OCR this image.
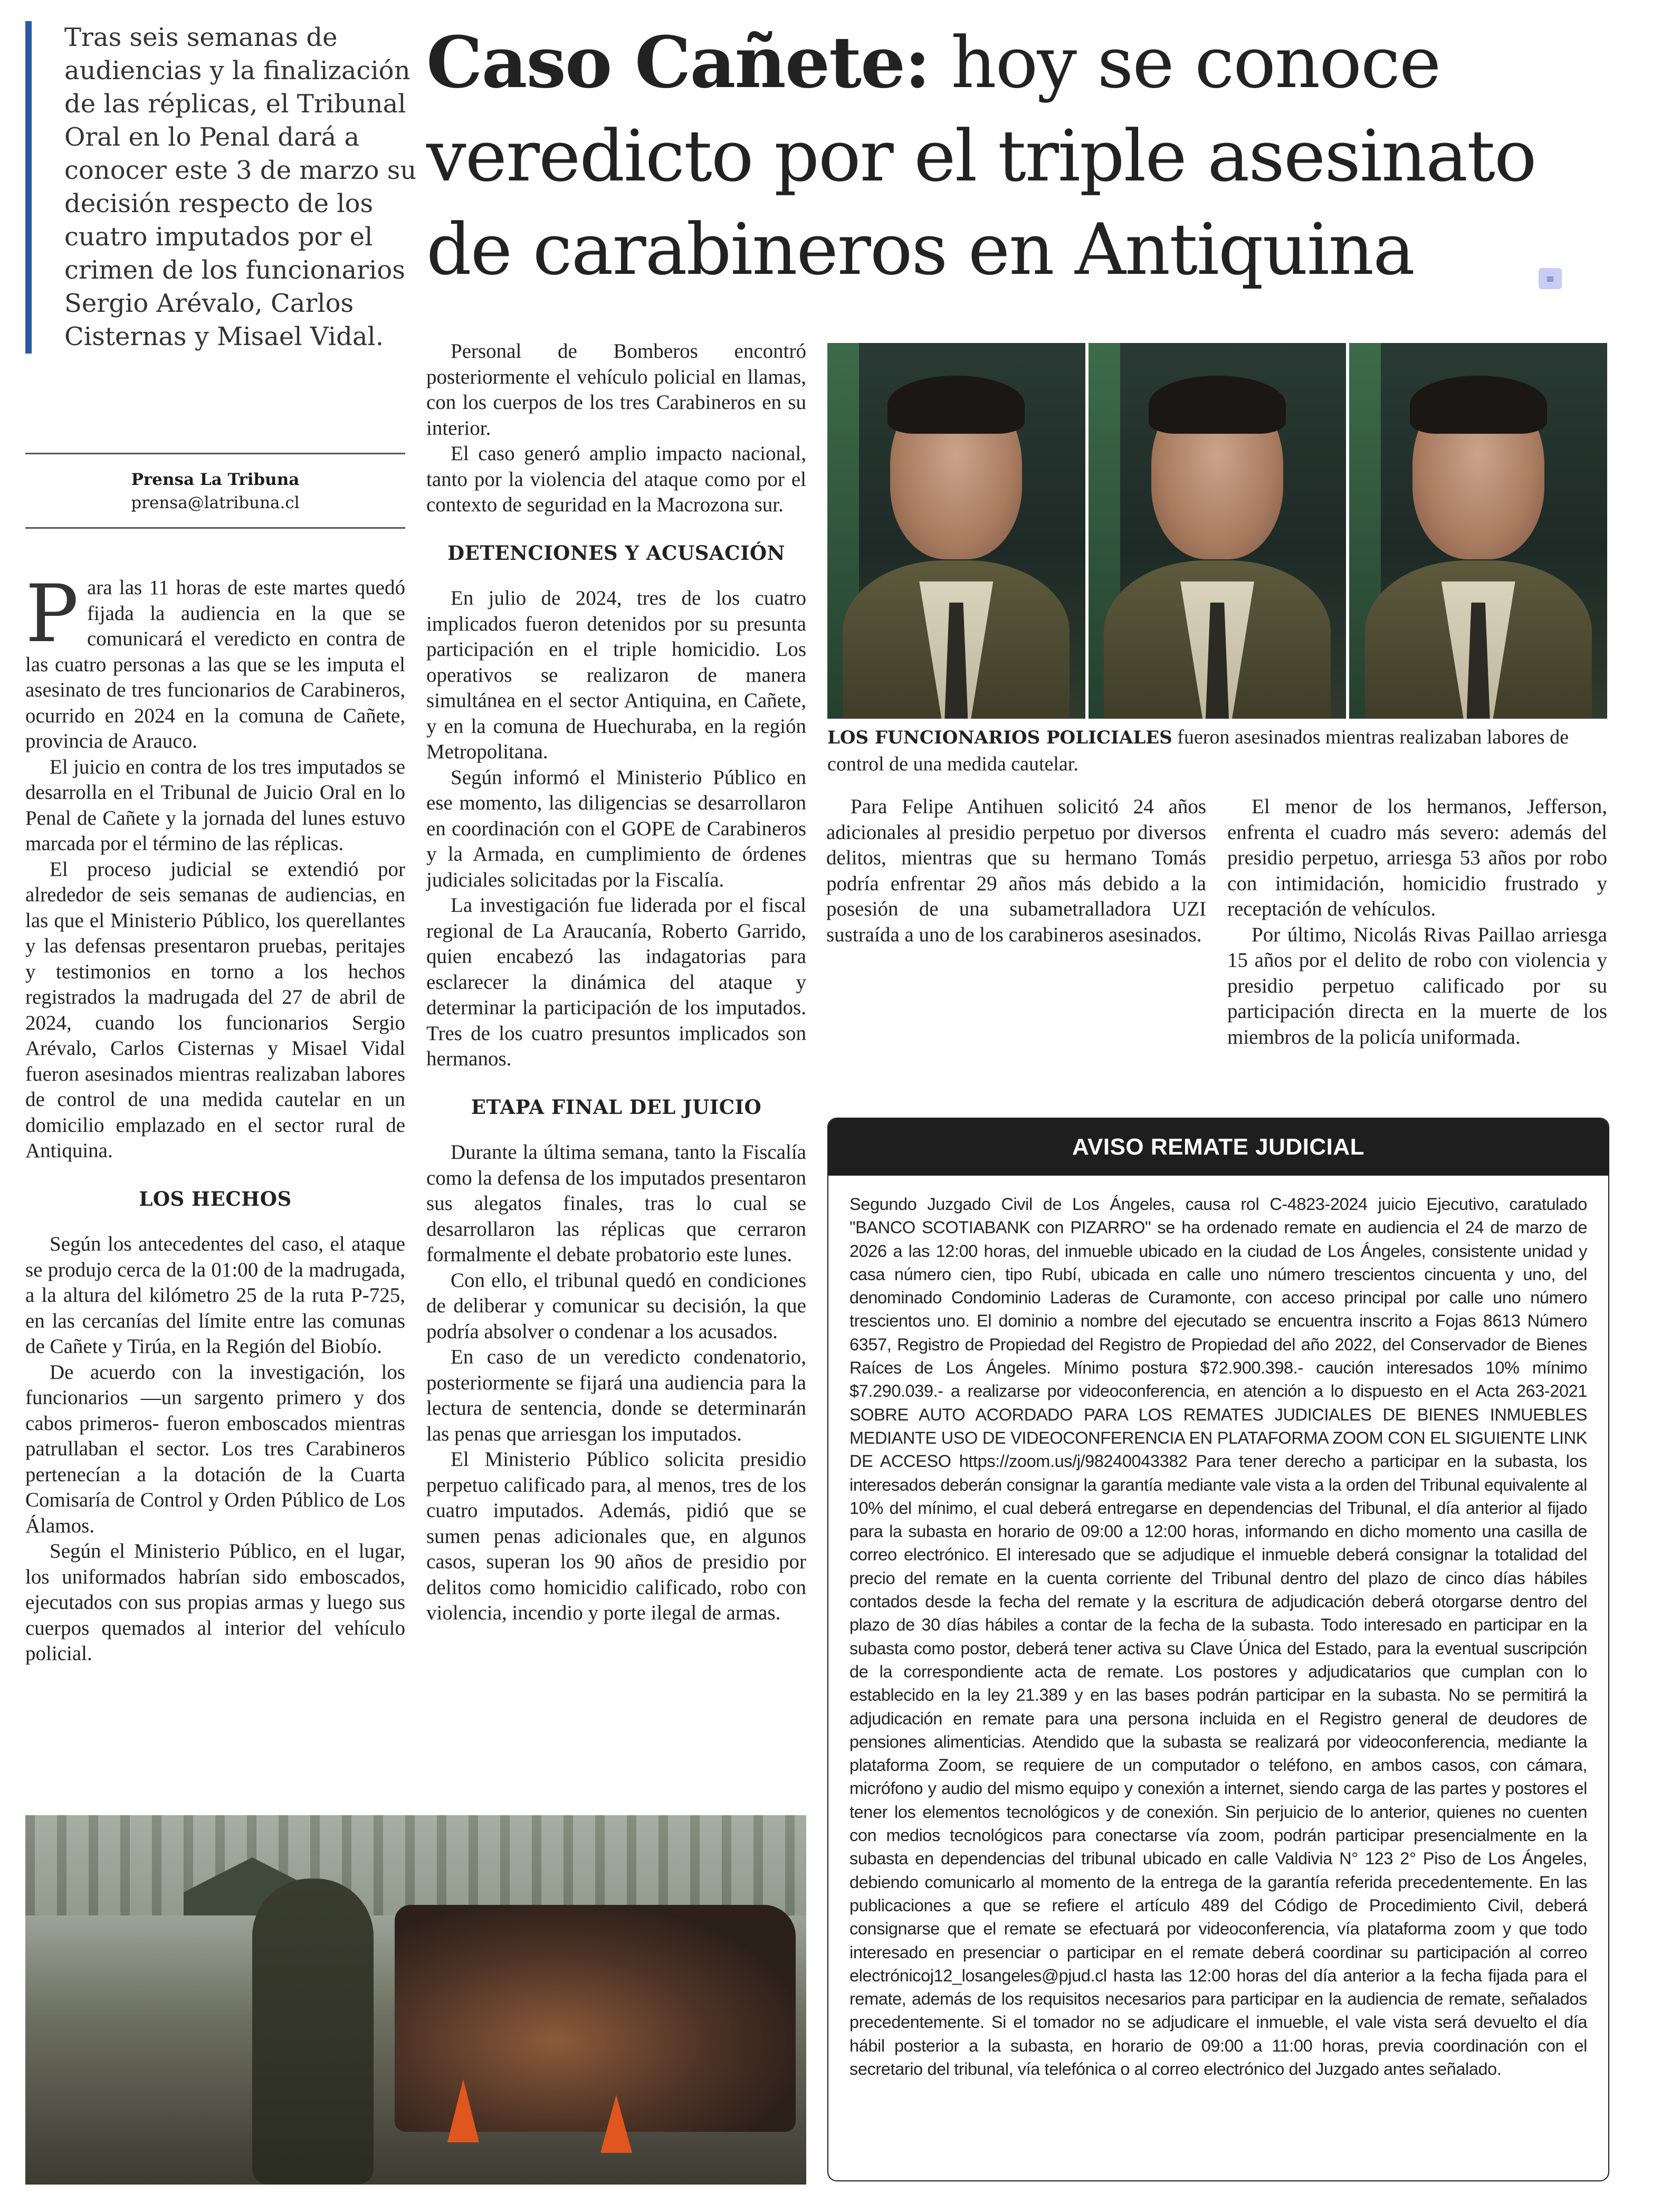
Tras seis semanas de audiencias y la finalización de las réplicas, el Tribunal Oral en lo Penal dará a conocer este 3 de marzo su decisión respecto de los cuatro imputados por el crimen de los funcionarios Sergio Arévalo, Carlos Cisternas y Misael Vidal.

Caso Cañete: hoy se conoce veredicto por el triple asesinato de carabineros en Antiquina	≡
Prensa La Tribuna
prensa@latribuna.cl

Para las 11 horas de este martes quedó fijada la audiencia en la que se comunicará el veredicto en contra de las cuatro personas a las que se les imputa el asesinato de tres funcionarios de Carabineros, ocurrido en 2024 en la comuna de Cañete, provincia de Arauco.

El juicio en contra de los tres imputados se desarrolla en el Tribunal de Juicio Oral en lo Penal de Cañete y la jornada del lunes estuvo marcada por el término de las réplicas.

El proceso judicial se extendió por alrededor de seis semanas de audiencias, en las que el Ministerio Público, los querellantes y las defensas presentaron pruebas, peritajes y testimonios en torno a los hechos registrados la madrugada del 27 de abril de 2024, cuando los funcionarios Sergio Arévalo, Carlos Cisternas y Misael Vidal fueron asesinados mientras realizaban labores de control de una medida cautelar en un domicilio emplazado en el sector rural de Antiquina.

LOS HECHOS

Según los antecedentes del caso, el ataque se produjo cerca de la 01:00 de la madrugada, a la altura del kilómetro 25 de la ruta P-725, en las cercanías del límite entre las comunas de Cañete y Tirúa, en la Región del Biobío.

De acuerdo con la investigación, los funcionarios —un sargento primero y dos cabos primeros- fueron emboscados mientras patrullaban el sector. Los tres Carabineros pertenecían a la dotación de la Cuarta Comisaría de Control y Orden Público de Los Álamos.

Según el Ministerio Público, en el lugar, los uniformados habrían sido emboscados, ejecutados con sus propias armas y luego sus cuerpos quemados al interior del vehículo policial.

Personal de Bomberos encontró posteriormente el vehículo policial en llamas, con los cuerpos de los tres Carabineros en su interior.

El caso generó amplio impacto nacional, tanto por la violencia del ataque como por el contexto de seguridad en la Macrozona sur.

DETENCIONES Y ACUSACIÓN

En julio de 2024, tres de los cuatro implicados fueron detenidos por su presunta participación en el triple homicidio. Los operativos se realizaron de manera simultánea en el sector Antiquina, en Cañete, y en la comuna de Huechuraba, en la región Metropolitana.

Según informó el Ministerio Público en ese momento, las diligencias se desarrollaron en coordinación con el GOPE de Carabineros y la Armada, en cumplimiento de órdenes judiciales solicitadas por la Fiscalía.

La investigación fue liderada por el fiscal regional de La Araucanía, Roberto Garrido, quien encabezó las indagatorias para esclarecer la dinámica del ataque y determinar la participación de los imputados. Tres de los cuatro presuntos implicados son hermanos.

ETAPA FINAL DEL JUICIO

Durante la última semana, tanto la Fiscalía como la defensa de los imputados presentaron sus alegatos finales, tras lo cual se desarrollaron las réplicas que cerraron formalmente el debate probatorio este lunes.

Con ello, el tribunal quedó en condiciones de deliberar y comunicar su decisión, la que podría absolver o condenar a los acusados.

En caso de un veredicto condenatorio, posteriormente se fijará una audiencia para la lectura de sentencia, donde se determinarán las penas que arriesgan los imputados.

El Ministerio Público solicita presidio perpetuo calificado para, al menos, tres de los cuatro imputados. Además, pidió que se sumen penas adicionales que, en algunos casos, superan los 90 años de presidio por delitos como homicidio calificado, robo con violencia, incendio y porte ilegal de armas.

Para Felipe Antihuen solicitó 24 años adicionales al presidio perpetuo por diversos delitos, mientras que su hermano Tomás podría enfrentar 29 años más debido a la posesión de una subametralladora UZI sustraída a uno de los carabineros asesinados.

El menor de los hermanos, Jefferson, enfrenta el cuadro más severo: además del presidio perpetuo, arriesga 53 años por robo con intimidación, homicidio frustrado y receptación de vehículos.

Por último, Nicolás Rivas Paillao arriesga 15 años por el delito de robo con violencia y presidio perpetuo calificado por su participación directa en la muerte de los miembros de la policía uniformada.

LOS FUNCIONARIOS POLICIALES fueron asesinados mientras realizaban labores de control de una medida cautelar.
AVISO REMATE JUDICIAL
Segundo Juzgado Civil de Los Ángeles, causa rol C-4823-2024 juicio Ejecutivo, caratulado "BANCO SCOTIABANK con PIZARRO" se ha ordenado remate en audiencia el 24 de marzo de 2026 a las 12:00 horas, del inmueble ubicado en la ciudad de Los Ángeles, consistente unidad y casa número cien, tipo Rubí, ubicada en calle uno número trescientos cincuenta y uno, del denominado Condominio Laderas de Curamonte, con acceso principal por calle uno número trescientos uno. El dominio a nombre del ejecutado se encuentra inscrito a Fojas 8613 Número 6357, Registro de Propiedad del Registro de Propiedad del año 2022, del Conservador de Bienes Raíces de Los Ángeles. Mínimo postura $72.900.398.- caución interesados 10% mínimo $7.290.039.- a realizarse por videoconferencia, en atención a lo dispuesto en el Acta 263-2021 SOBRE AUTO ACORDADO PARA LOS REMATES JUDICIALES DE BIENES INMUEBLES MEDIANTE USO DE VIDEOCONFERENCIA EN PLATAFORMA ZOOM CON EL SIGUIENTE LINK DE ACCESO https://zoom.us/j/98240043382 Para tener derecho a participar en la subasta, los interesados deberán consignar la garantía mediante vale vista a la orden del Tribunal equivalente al 10% del mínimo, el cual deberá entregarse en dependencias del Tribunal, el día anterior al fijado para la subasta en horario de 09:00 a 12:00 horas, informando en dicho momento una casilla de correo electrónico. El interesado que se adjudique el inmueble deberá consignar la totalidad del precio del remate en la cuenta corriente del Tribunal dentro del plazo de cinco días hábiles contados desde la fecha del remate y la escritura de adjudicación deberá otorgarse dentro del plazo de 30 días hábiles a contar de la fecha de la subasta. Todo interesado en participar en la subasta como postor, deberá tener activa su Clave Única del Estado, para la eventual suscripción de la correspondiente acta de remate. Los postores y adjudicatarios que cumplan con lo establecido en la ley 21.389 y en las bases podrán participar en la subasta. No se permitirá la adjudicación en remate para una persona incluida en el Registro general de deudores de pensiones alimenticias. Atendido que la subasta se realizará por videoconferencia, mediante la plataforma Zoom, se requiere de un computador o teléfono, en ambos casos, con cámara, micrófono y audio del mismo equipo y conexión a internet, siendo carga de las partes y postores el tener los elementos tecnológicos y de conexión. Sin perjuicio de lo anterior, quienes no cuenten con medios tecnológicos para conectarse vía zoom, podrán participar presencialmente en la subasta en dependencias del tribunal ubicado en calle Valdivia N° 123 2° Piso de Los Ángeles, debiendo comunicarlo al momento de la entrega de la garantía referida precedentemente. En las publicaciones a que se refiere el artículo 489 del Código de Procedimiento Civil, deberá consignarse que el remate se efectuará por videoconferencia, vía plataforma zoom y que todo interesado en presenciar o participar en el remate deberá coordinar su participación al correo electrónicoj12_losangeles@pjud.cl hasta las 12:00 horas del día anterior a la fecha fijada para el remate, además de los requisitos necesarios para participar en la audiencia de remate, señalados precedentemente. Si el tomador no se adjudicare el inmueble, el vale vista será devuelto el día hábil posterior a la subasta, en horario de 09:00 a 11:00 horas, previa coordinación con el secretario del tribunal, vía telefónica o al correo electrónico del Juzgado antes señalado.
